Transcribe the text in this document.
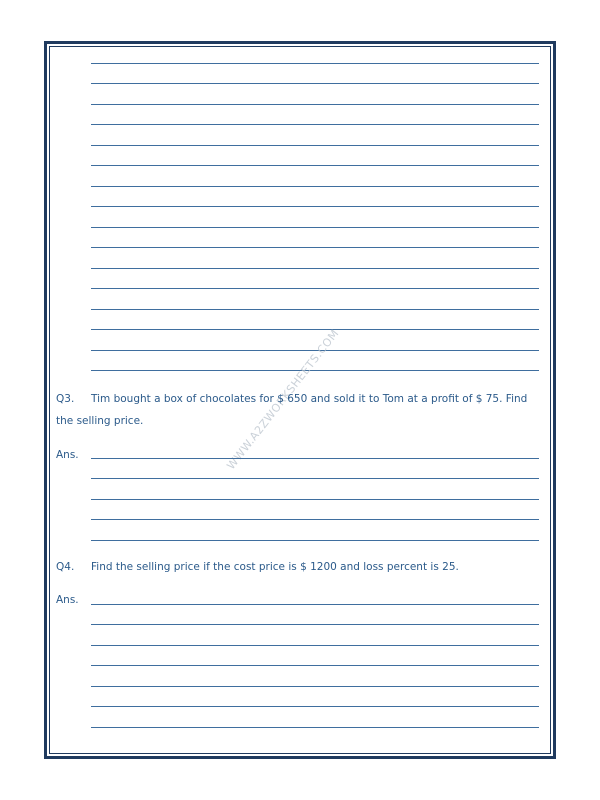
WWW.A2ZWORKSHEETS.COM
Q3. Tim bought a box of chocolates for $ 650 and sold it to Tom at a profit of $ 75. Find
the selling price.
Ans.
Q4. Find the selling price if the cost price is $ 1200 and loss percent is 25.
Ans.
